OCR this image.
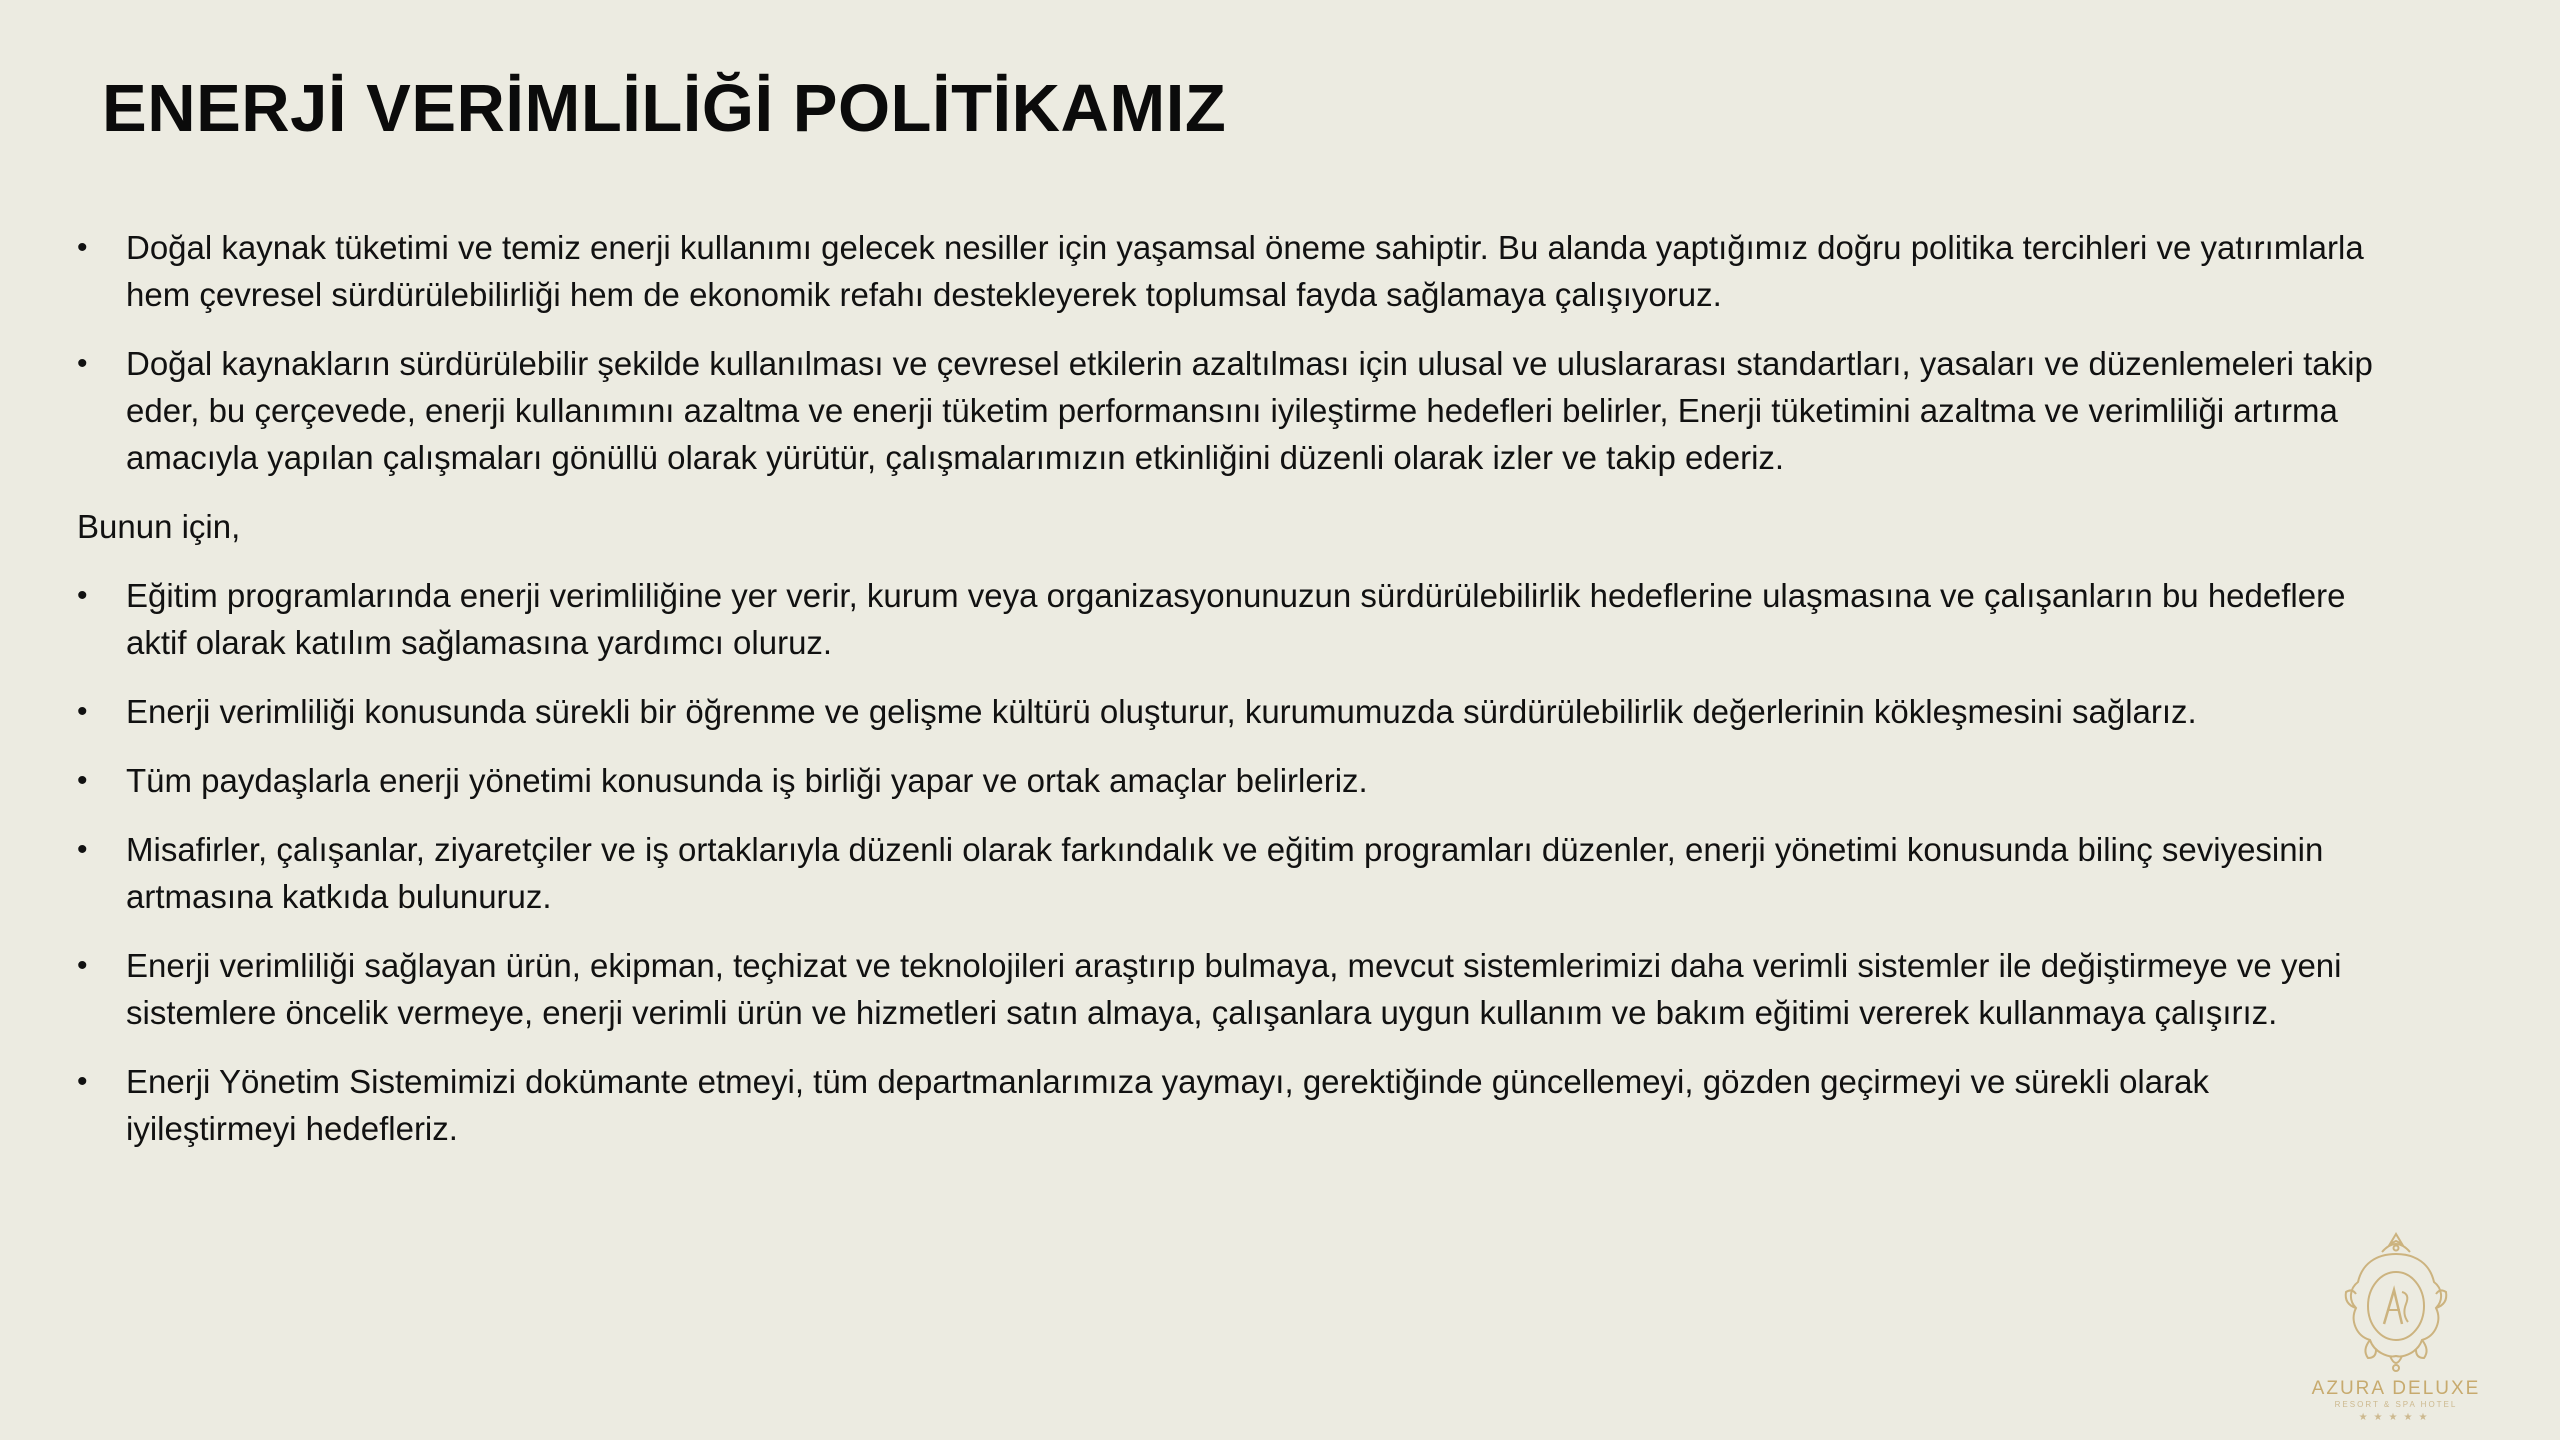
ENERJİ VERİMLİLİĞİ POLİTİKAMIZ

• Doğal kaynak tüketimi ve temiz enerji kullanımı gelecek nesiller için yaşamsal öneme sahiptir. Bu alanda yaptığımız doğru politika tercihleri ve yatırımlarla hem çevresel sürdürülebilirliği hem de ekonomik refahı destekleyerek toplumsal fayda sağlamaya çalışıyoruz.

• Doğal kaynakların sürdürülebilir şekilde kullanılması ve çevresel etkilerin azaltılması için ulusal ve uluslararası standartları, yasaları ve düzenlemeleri takip eder, bu çerçevede, enerji kullanımını azaltma ve enerji tüketim performansını iyileştirme hedefleri belirler, Enerji tüketimini azaltma ve verimliliği artırma amacıyla yapılan çalışmaları gönüllü olarak yürütür, çalışmalarımızın etkinliğini düzenli olarak izler ve takip ederiz.

Bunun için,

• Eğitim programlarında enerji verimliliğine yer verir, kurum veya organizasyonunuzun sürdürülebilirlik hedeflerine ulaşmasına ve çalışanların bu hedeflere aktif olarak katılım sağlamasına yardımcı oluruz.

• Enerji verimliliği konusunda sürekli bir öğrenme ve gelişme kültürü oluşturur, kurumumuzda sürdürülebilirlik değerlerinin kökleşmesini sağlarız.

• Tüm paydaşlarla enerji yönetimi konusunda iş birliği yapar ve ortak amaçlar belirleriz.

• Misafirler, çalışanlar, ziyaretçiler ve iş ortaklarıyla düzenli olarak farkındalık ve eğitim programları düzenler, enerji yönetimi konusunda bilinç seviyesinin artmasına katkıda bulunuruz.

• Enerji verimliliği sağlayan ürün, ekipman, teçhizat ve teknolojileri araştırıp bulmaya, mevcut sistemlerimizi daha verimli sistemler ile değiştirmeye ve yeni sistemlere öncelik vermeye, enerji verimli ürün ve hizmetleri satın almaya, çalışanlara uygun kullanım ve bakım eğitimi vererek kullanmaya çalışırız.

• Enerji Yönetim Sistemimizi dokümante etmeyi, tüm departmanlarımıza yaymayı, gerektiğinde güncellemeyi, gözden geçirmeyi ve sürekli olarak iyileştirmeyi hedefleriz.

AZURA DELUXE
RESORT & SPA HOTEL
★★★★★
